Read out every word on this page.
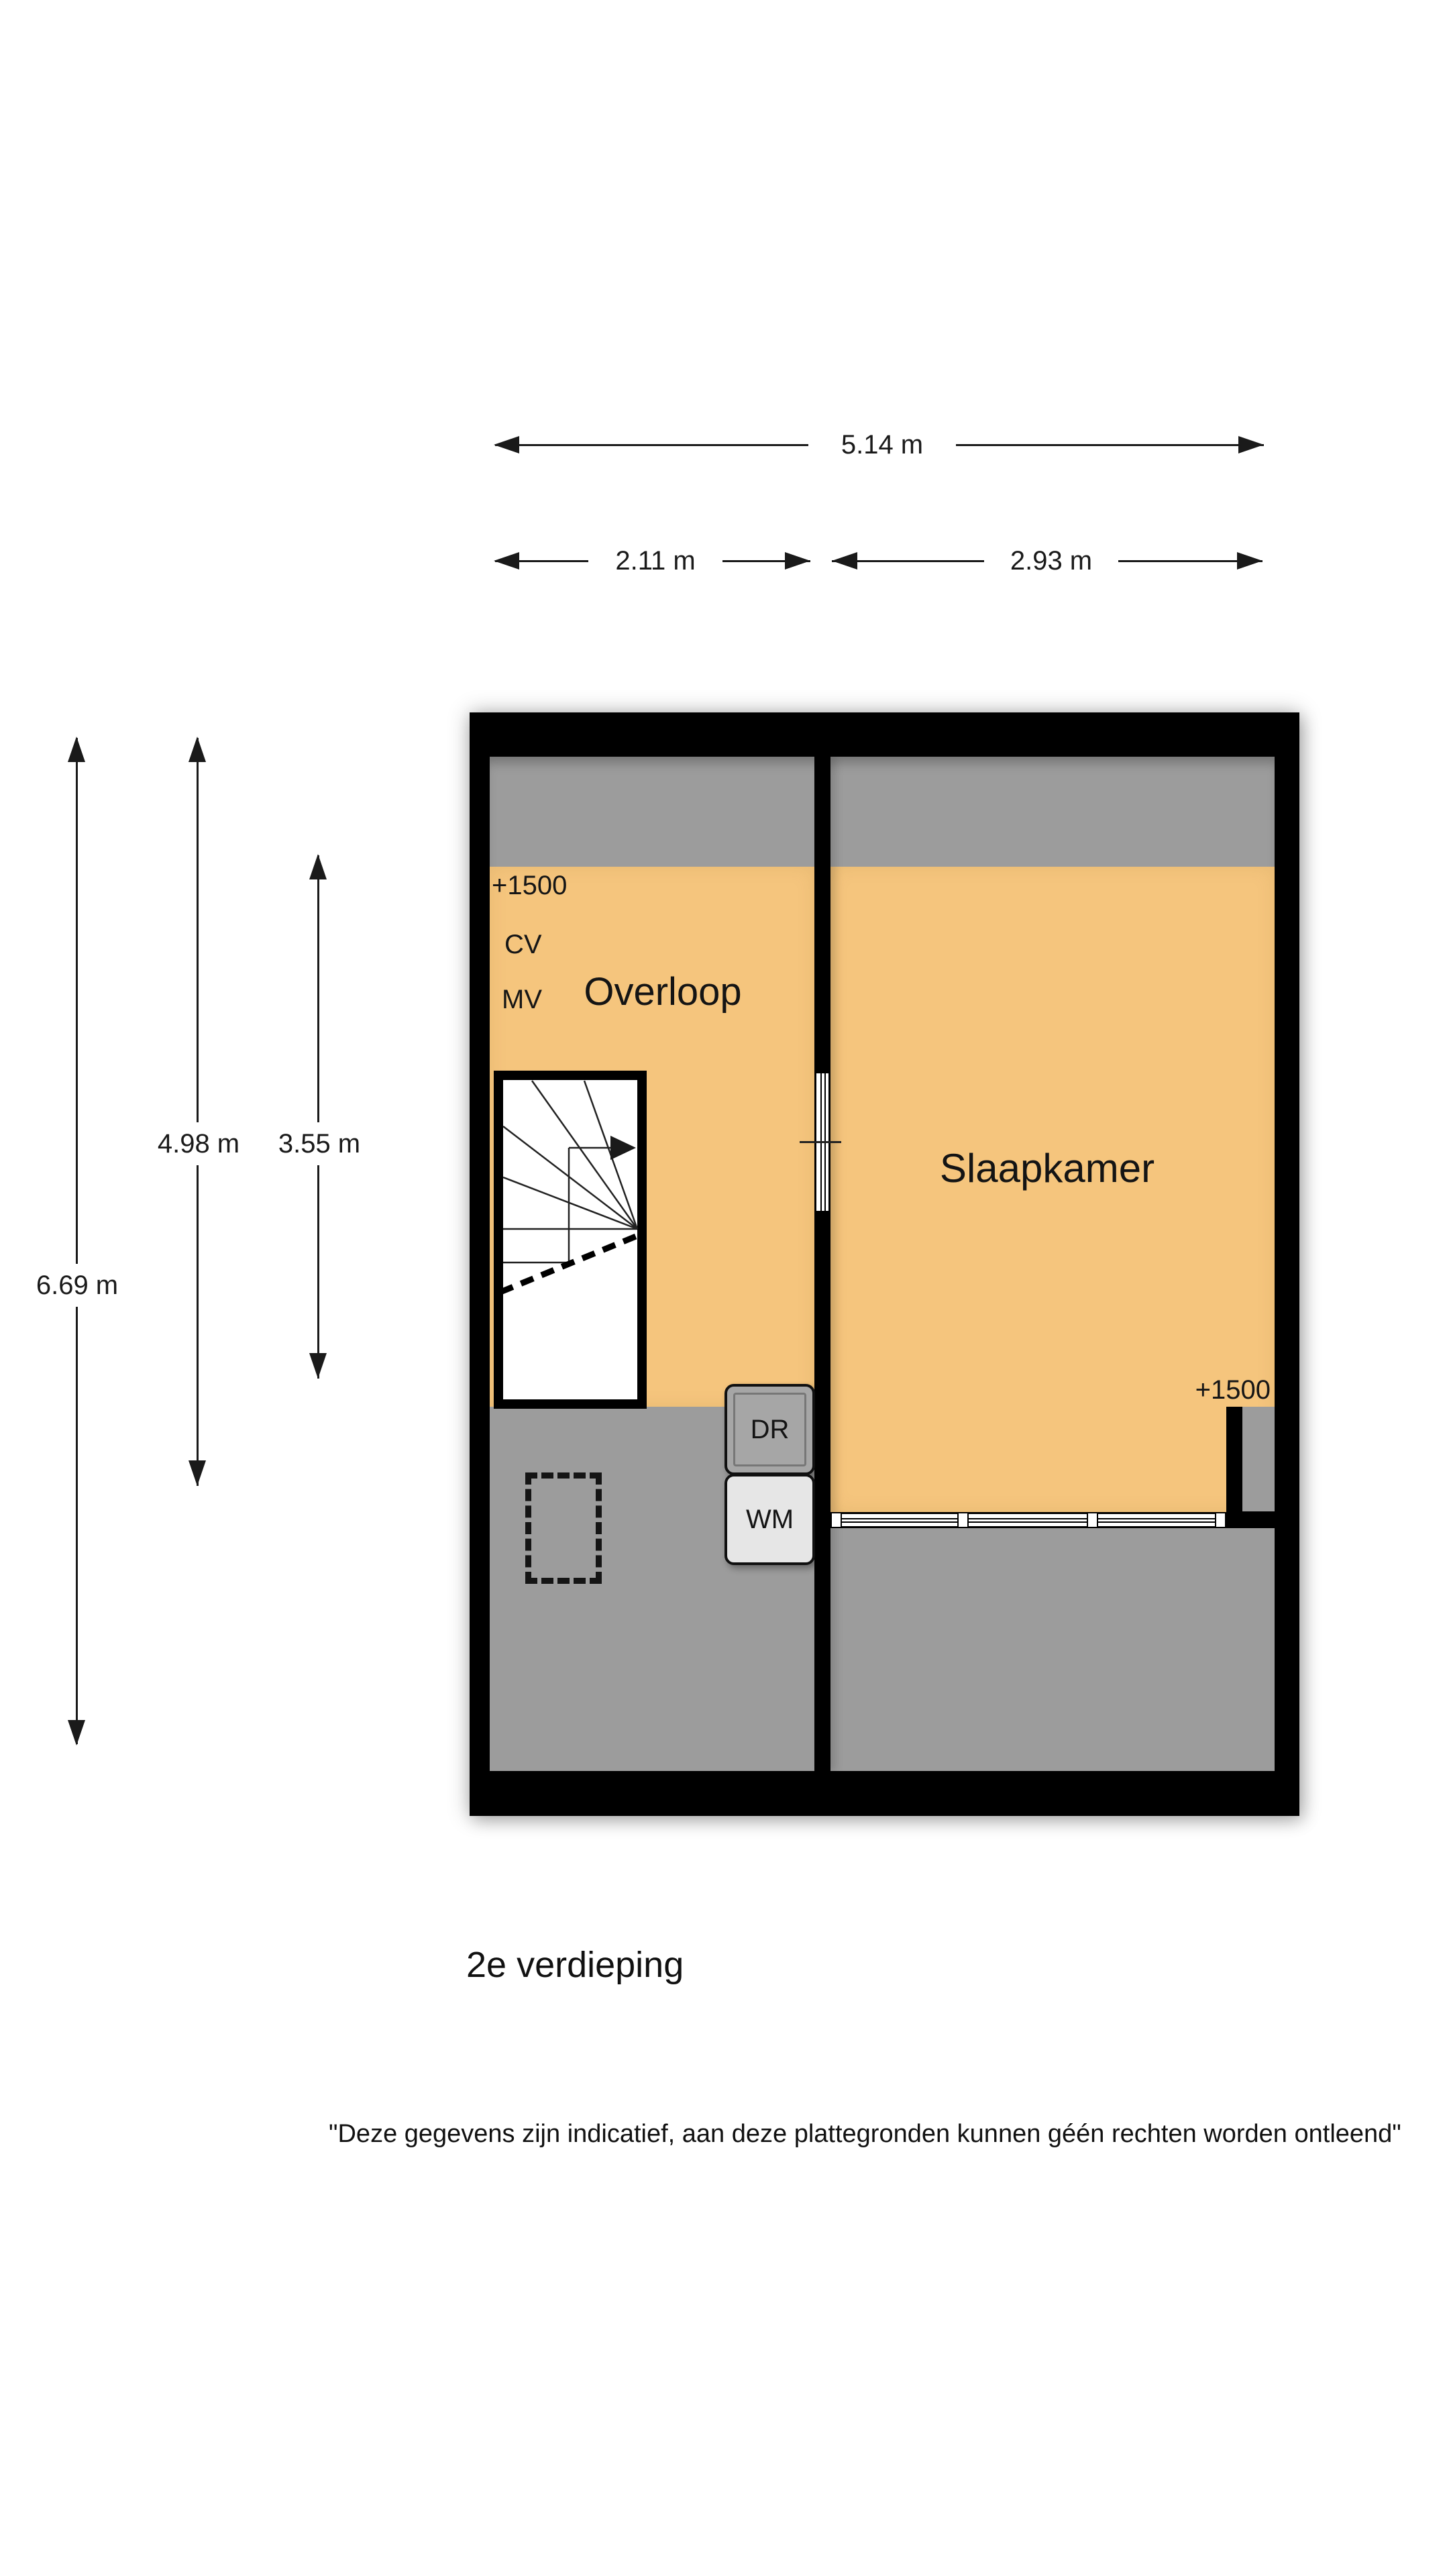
5.14 m
2.11 m	2.93 m
6.69 m
4.98 m	3.55 m
DR
WM
+1500
CV
MV Overloop
Slaapkamer
+1500
2e verdieping
"Deze gegevens zijn indicatief, aan deze plattegronden kunnen géén rechten worden ontleend"
